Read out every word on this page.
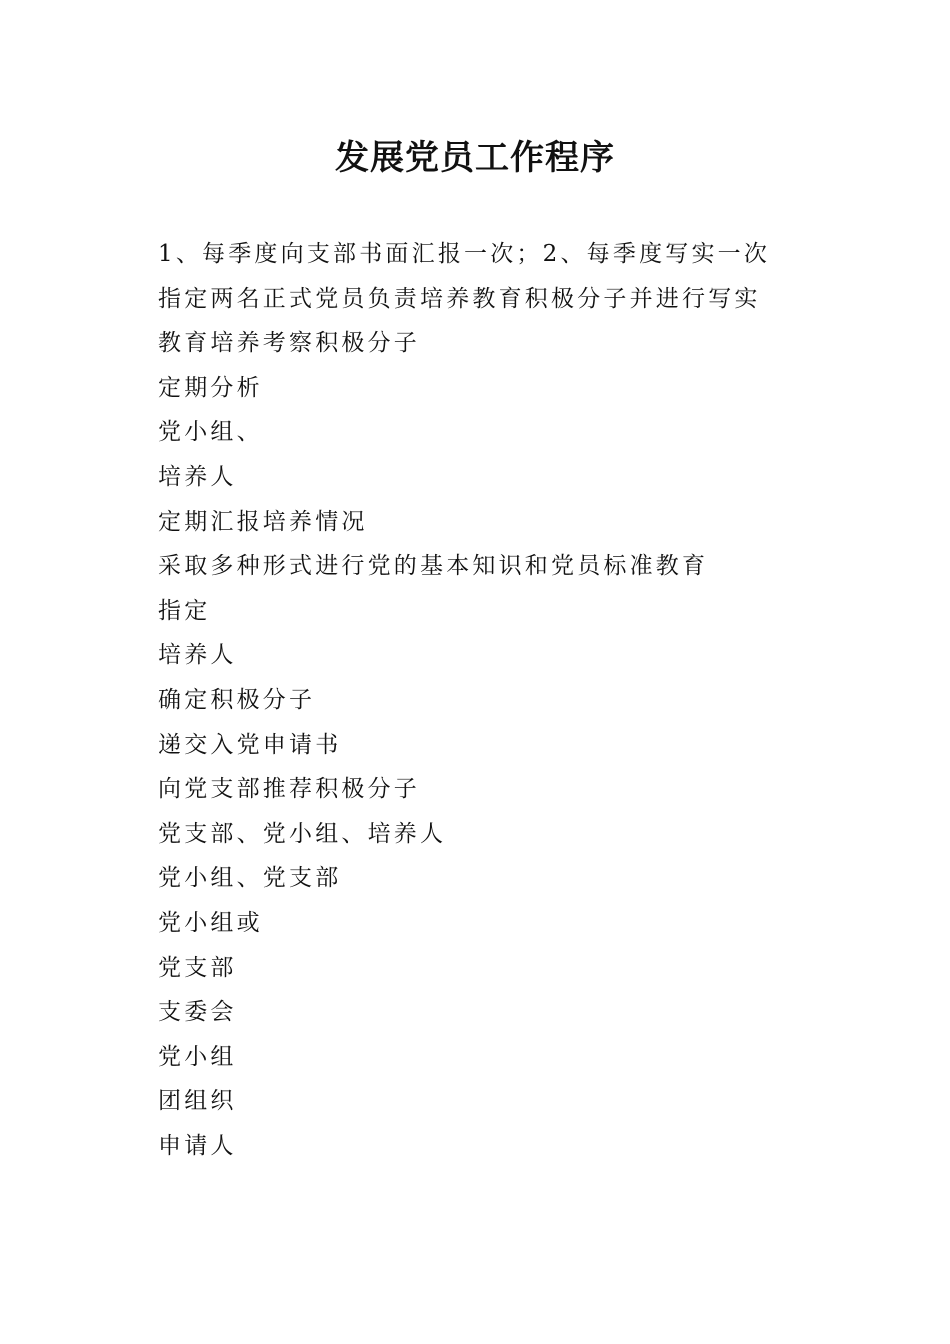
发展党员工作程序
1、每季度向支部书面汇报一次；2、每季度写实一次
指定两名正式党员负责培养教育积极分子并进行写实
教育培养考察积极分子
定期分析
党小组、
培养人
定期汇报培养情况
采取多种形式进行党的基本知识和党员标准教育
指定
培养人
确定积极分子
递交入党申请书
向党支部推荐积极分子
党支部、党小组、培养人
党小组、党支部
党小组或
党支部
支委会
党小组
团组织
申请人
